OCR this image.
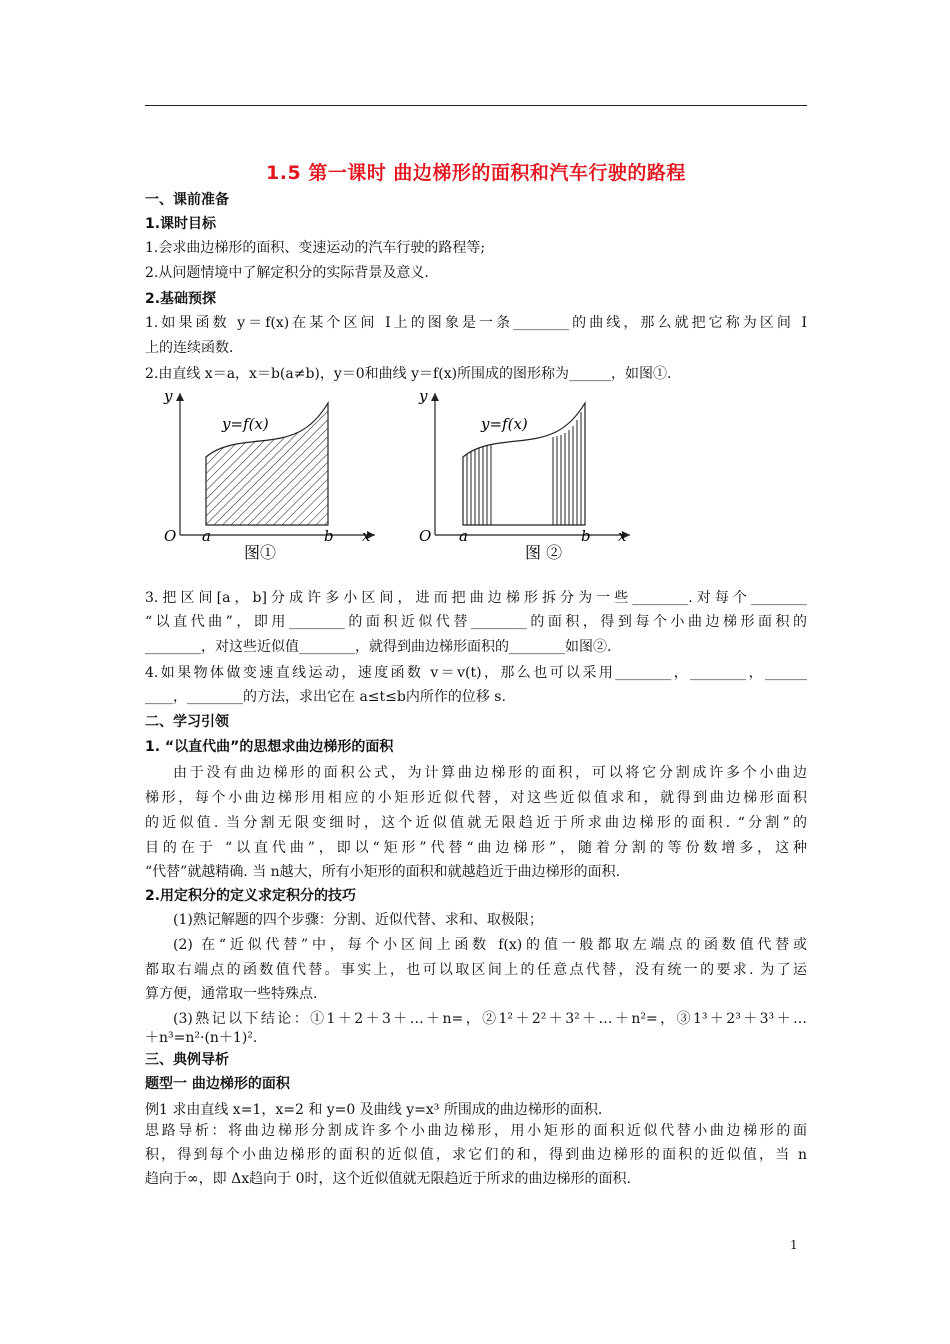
1.5 第一课时 曲边梯形的面积和汽车行驶的路程
一、课前准备
1.课时目标
1.会求曲边梯形的面积、变速运动的汽车行驶的路程等;
2.从问题情境中了解定积分的实际背景及意义.
2.基础预探
1.如果函数 y＝f(x)在某个区间 I上的图象是一条________的曲线，那么就把它称为区间 I
上的连续函数.
2.由直线 x＝a，x＝b(a≠b)，y＝0和曲线 y＝f(x)所围成的图形称为______，如图①.
y
y=f(x)
O a	b x
图①
y
y=f(x)
O a	b x
图 ②
3.把区间[a，b]分成许多小区间，进而把曲边梯形拆分为一些________.对每个________
“以直代曲”，即用________的面积近似代替________的面积，得到每个小曲边梯形面积的
________，对这些近似值________，就得到曲边梯形面积的________如图②.
4.如果物体做变速直线运动，速度函数 v＝v(t)，那么也可以采用________，________，______
____，________的方法，求出它在 a≤t≤b内所作的位移 s.
二、学习引领
1. “以直代曲”的思想求曲边梯形的面积
由于没有曲边梯形的面积公式，为计算曲边梯形的面积，可以将它分割成许多个小曲边
梯形，每个小曲边梯形用相应的小矩形近似代替，对这些近似值求和，就得到曲边梯形面积
的近似值. 当分割无限变细时，这个近似值就无限趋近于所求曲边梯形的面积. “分割”的
目的在于 “以直代曲”，即以“矩形”代替“曲边梯形”，随着分割的等份数增多，这种
“代替”就越精确. 当 n越大，所有小矩形的面积和就越趋近于曲边梯形的面积.
2.用定积分的定义求定积分的技巧
(1)熟记解题的四个步骤：分割、近似代替、求和、取极限；
(2) 在“近似代替”中，每个小区间上函数 f(x)的值一般都取左端点的函数值代替或
都取右端点的函数值代替。事实上，也可以取区间上的任意点代替，没有统一的要求. 为了运
算方便，通常取一些特殊点.
(3)熟记以下结论：①1＋2＋3＋…＋n=，②1²＋2²＋3²＋…＋n²=，③1³＋2³＋3³＋…
＋n³=n²·(n＋1)².
三、典例导析
题型一 曲边梯形的面积
例1 求由直线 x=1，x=2 和 y=0 及曲线 y=x³ 所围成的曲边梯形的面积.
思路导析：将曲边梯形分割成许多个小曲边梯形，用小矩形的面积近似代替小曲边梯形的面
积，得到每个小曲边梯形的面积的近似值，求它们的和，得到曲边梯形的面积的近似值，当 n
趋向于∞，即 Δx趋向于 0时，这个近似值就无限趋近于所求的曲边梯形的面积.
1
